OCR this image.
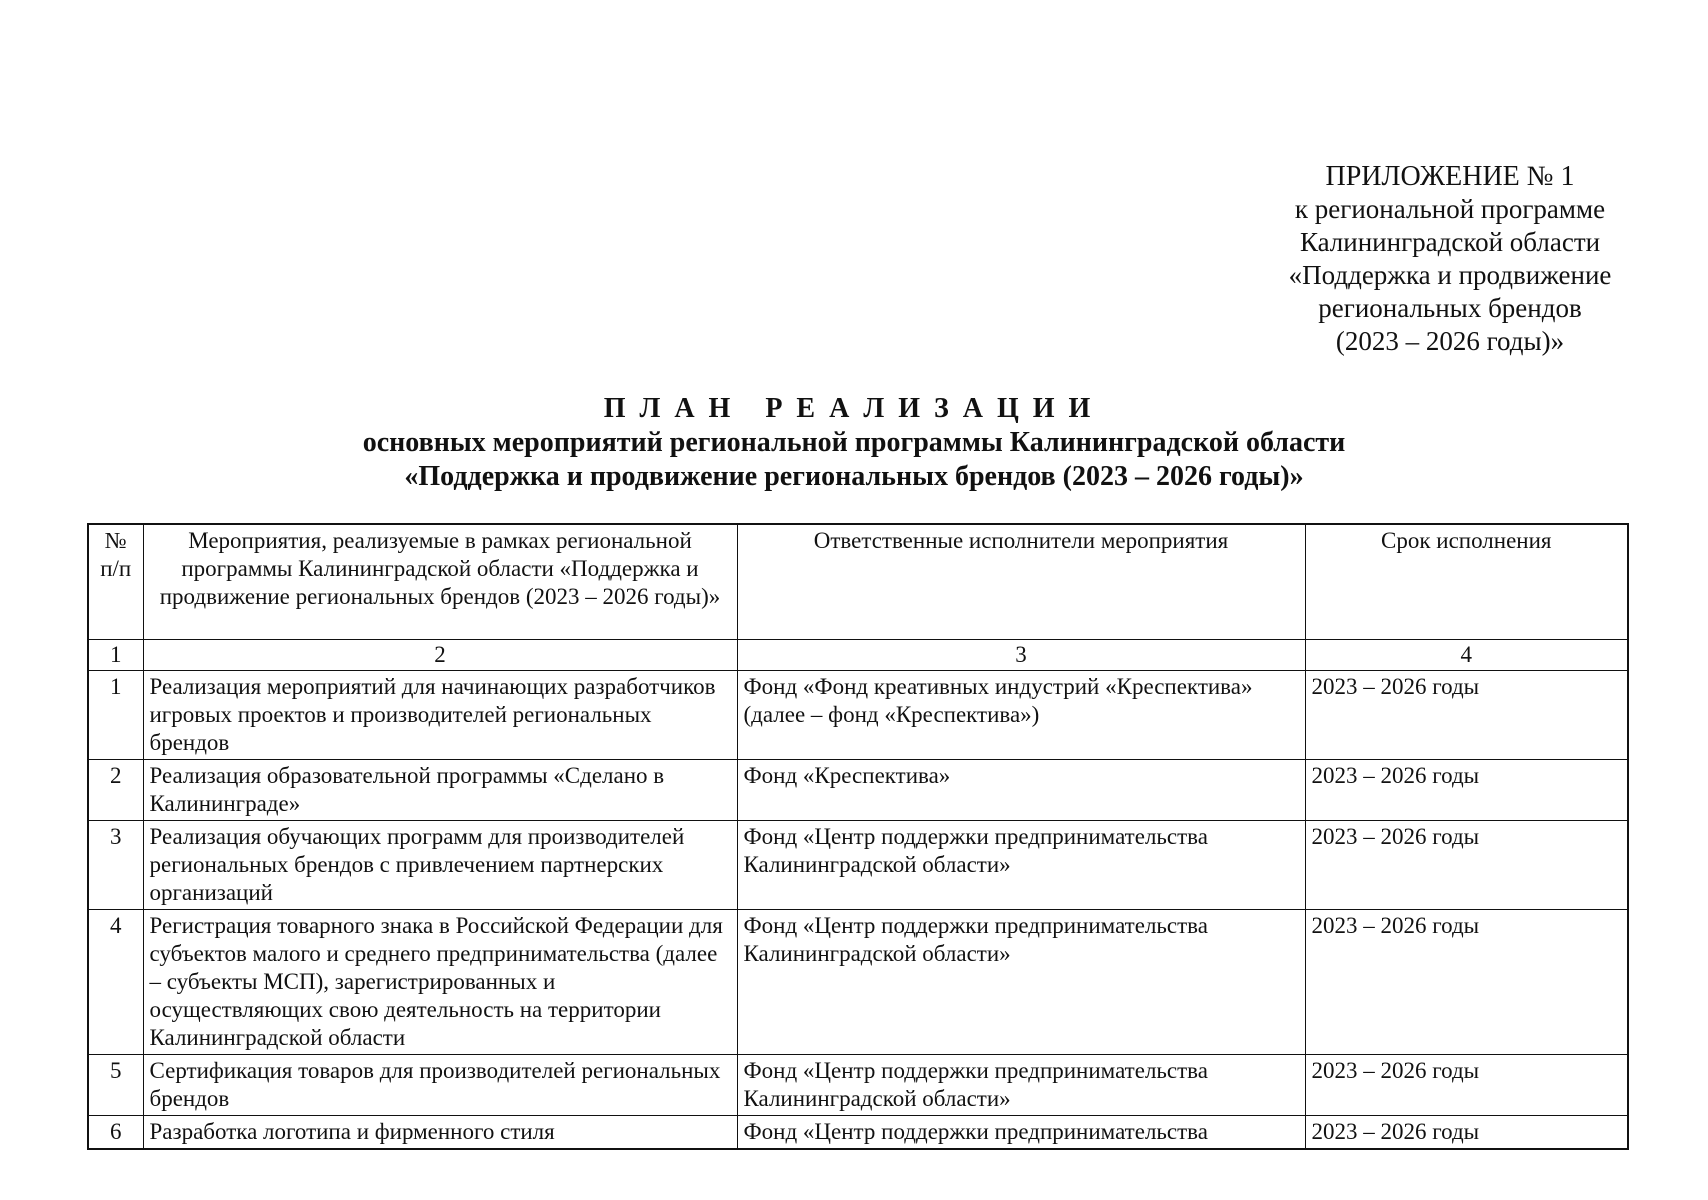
ПРИЛОЖЕНИЕ № 1
к региональной программе
Калининградской области
«Поддержка и продвижение
региональных брендов
(2023 – 2026 годы)»
ПЛАН РЕАЛИЗАЦИИ
основных мероприятий региональной программы Калининградской области
«Поддержка и продвижение региональных брендов (2023 – 2026 годы)»
№ п/п	Мероприятия, реализуемые в рамках региональной программы Калининградской области «Поддержка и продвижение региональных брендов (2023 – 2026 годы)»	Ответственные исполнители мероприятия	Срок исполнения
1	2	3	4
1	Реализация мероприятий для начинающих разработчиков игровых проектов и производителей региональных брендов	Фонд «Фонд креативных индустрий «Креспектива» (далее – фонд «Креспектива»)	2023 – 2026 годы
2	Реализация образовательной программы «Сделано в Калининграде»	Фонд «Креспектива»	2023 – 2026 годы
3	Реализация обучающих программ для производителей региональных брендов с привлечением партнерских организаций	Фонд «Центр поддержки предпринимательства Калининградской области»	2023 – 2026 годы
4	Регистрация товарного знака в Российской Федерации для субъектов малого и среднего предпринимательства (далее – субъекты МСП), зарегистрированных и осуществляющих свою деятельность на территории Калининградской области	Фонд «Центр поддержки предпринимательства Калининградской области»	2023 – 2026 годы
5	Сертификация товаров для производителей региональных брендов	Фонд «Центр поддержки предпринимательства Калининградской области»	2023 – 2026 годы
6	Разработка логотипа и фирменного стиля	Фонд «Центр поддержки предпринимательства	2023 – 2026 годы
